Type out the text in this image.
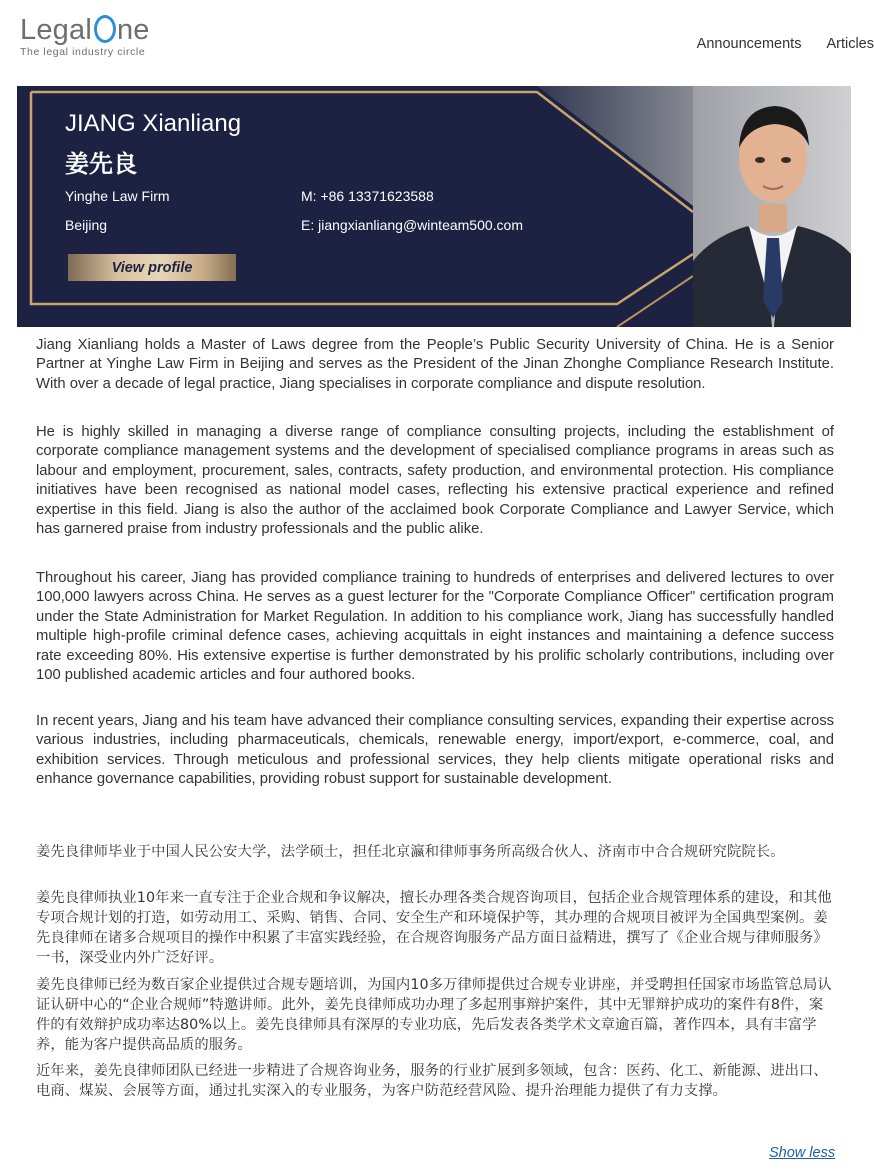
Legal ne
The legal industry circle	Announcements Articles
JIANG Xianliang
姜先良
Yinghe Law Firm
Beijing
M: +86 13371623588
E: jiangxianliang@winteam500.com
View profile

Jiang Xianliang holds a Master of Laws degree from the People’s Public Security University of China. He is a Senior Partner at Yinghe Law Firm in Beijing and serves as the President of the Jinan Zhonghe Compliance Research Institute. With over a decade of legal practice, Jiang specialises in corporate compliance and dispute resolution.

He is highly skilled in managing a diverse range of compliance consulting projects, including the establishment of corporate compliance management systems and the development of specialised compliance programs in areas such as labour and employment, procurement, sales, contracts, safety production, and environmental protection. His compliance initiatives have been recognised as national model cases, reflecting his extensive practical experience and refined expertise in this field. Jiang is also the author of the acclaimed book Corporate Compliance and Lawyer Service, which has garnered praise from industry professionals and the public alike.

Throughout his career, Jiang has provided compliance training to hundreds of enterprises and delivered lectures to over 100,000 lawyers across China. He serves as a guest lecturer for the "Corporate Compliance Officer" certification program under the State Administration for Market Regulation. In addition to his compliance work, Jiang has successfully handled multiple high-profile criminal defence cases, achieving acquittals in eight instances and maintaining a defence success rate exceeding 80%. His extensive expertise is further demonstrated by his prolific scholarly contributions, including over 100 published academic articles and four authored books.

In recent years, Jiang and his team have advanced their compliance consulting services, expanding their expertise across various industries, including pharmaceuticals, chemicals, renewable energy, import/export, e-commerce, coal, and exhibition services. Through meticulous and professional services, they help clients mitigate operational risks and enhance governance capabilities, providing robust support for sustainable development.

姜先良律师毕业于中国人民公安大学，法学硕士，担任北京瀛和律师事务所高级合伙人、济南市中合合规研究院院长。

姜先良律师执业10年来一直专注于企业合规和争议解决，擅长办理各类合规咨询项目，包括企业合规管理体系的建设，和其他专项合规计划的打造，如劳动用工、采购、销售、合同、安全生产和环境保护等，其办理的合规项目被评为全国典型案例。姜先良律师在诸多合规项目的操作中积累了丰富实践经验，在合规咨询服务产品方面日益精进，撰写了《企业合规与律师服务》一书，深受业内外广泛好评。

姜先良律师已经为数百家企业提供过合规专题培训，为国内10多万律师提供过合规专业讲座，并受聘担任国家市场监管总局认证认研中心的“企业合规师”特邀讲师。此外，姜先良律师成功办理了多起刑事辩护案件，其中无罪辩护成功的案件有8件，案件的有效辩护成功率达80%以上。姜先良律师具有深厚的专业功底，先后发表各类学术文章逾百篇，著作四本，具有丰富学养，能为客户提供高品质的服务。

近年来，姜先良律师团队已经进一步精进了合规咨询业务，服务的行业扩展到多领域，包含：医药、化工、新能源、进出口、电商、煤炭、会展等方面，通过扎实深入的专业服务，为客户防范经营风险、提升治理能力提供了有力支撑。

Show less
